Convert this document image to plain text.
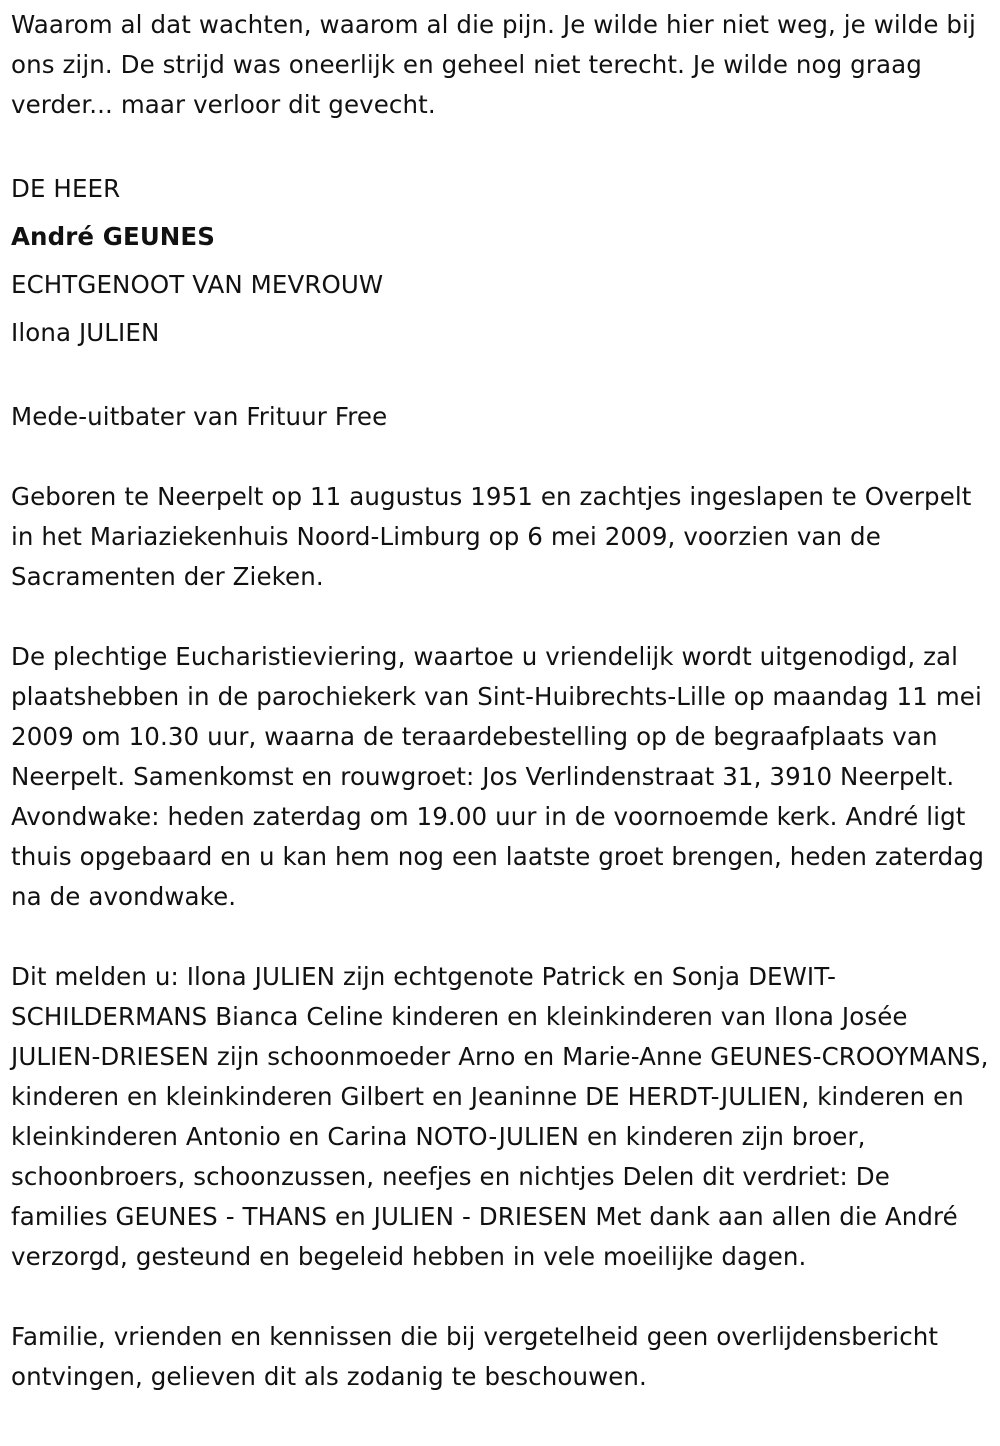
Waarom al dat wachten, waarom al die pijn. Je wilde hier niet weg, je wilde bij ons zijn. De strijd was oneerlijk en geheel niet terecht. Je wilde nog graag verder... maar verloor dit gevecht.

DE HEER
André GEUNES
ECHTGENOOT VAN MEVROUW
Ilona JULIEN

Mede-uitbater van Frituur Free

Geboren te Neerpelt op 11 augustus 1951 en zachtjes ingeslapen te Overpelt in het Mariaziekenhuis Noord-Limburg op 6 mei 2009, voorzien van de Sacramenten der Zieken.

De plechtige Eucharistieviering, waartoe u vriendelijk wordt uitgenodigd, zal plaatshebben in de parochiekerk van Sint-Huibrechts-Lille op maandag 11 mei 2009 om 10.30 uur, waarna de teraardebestelling op de begraafplaats van Neerpelt. Samenkomst en rouwgroet: Jos Verlindenstraat 31, 3910 Neerpelt. Avondwake: heden zaterdag om 19.00 uur in de voornoemde kerk. André ligt thuis opgebaard en u kan hem nog een laatste groet brengen, heden zaterdag na de avondwake.

Dit melden u: Ilona JULIEN zijn echtgenote Patrick en Sonja DEWIT-SCHILDERMANS Bianca Celine kinderen en kleinkinderen van Ilona Josée JULIEN-DRIESEN zijn schoonmoeder Arno en Marie-Anne GEUNES-CROOYMANS, kinderen en kleinkinderen Gilbert en Jeaninne DE HERDT-JULIEN, kinderen en kleinkinderen Antonio en Carina NOTO-JULIEN en kinderen zijn broer, schoonbroers, schoonzussen, neefjes en nichtjes Delen dit verdriet: De families GEUNES - THANS en JULIEN - DRIESEN Met dank aan allen die André verzorgd, gesteund en begeleid hebben in vele moeilijke dagen.

Familie, vrienden en kennissen die bij vergetelheid geen overlijdensbericht ontvingen, gelieven dit als zodanig te beschouwen.
